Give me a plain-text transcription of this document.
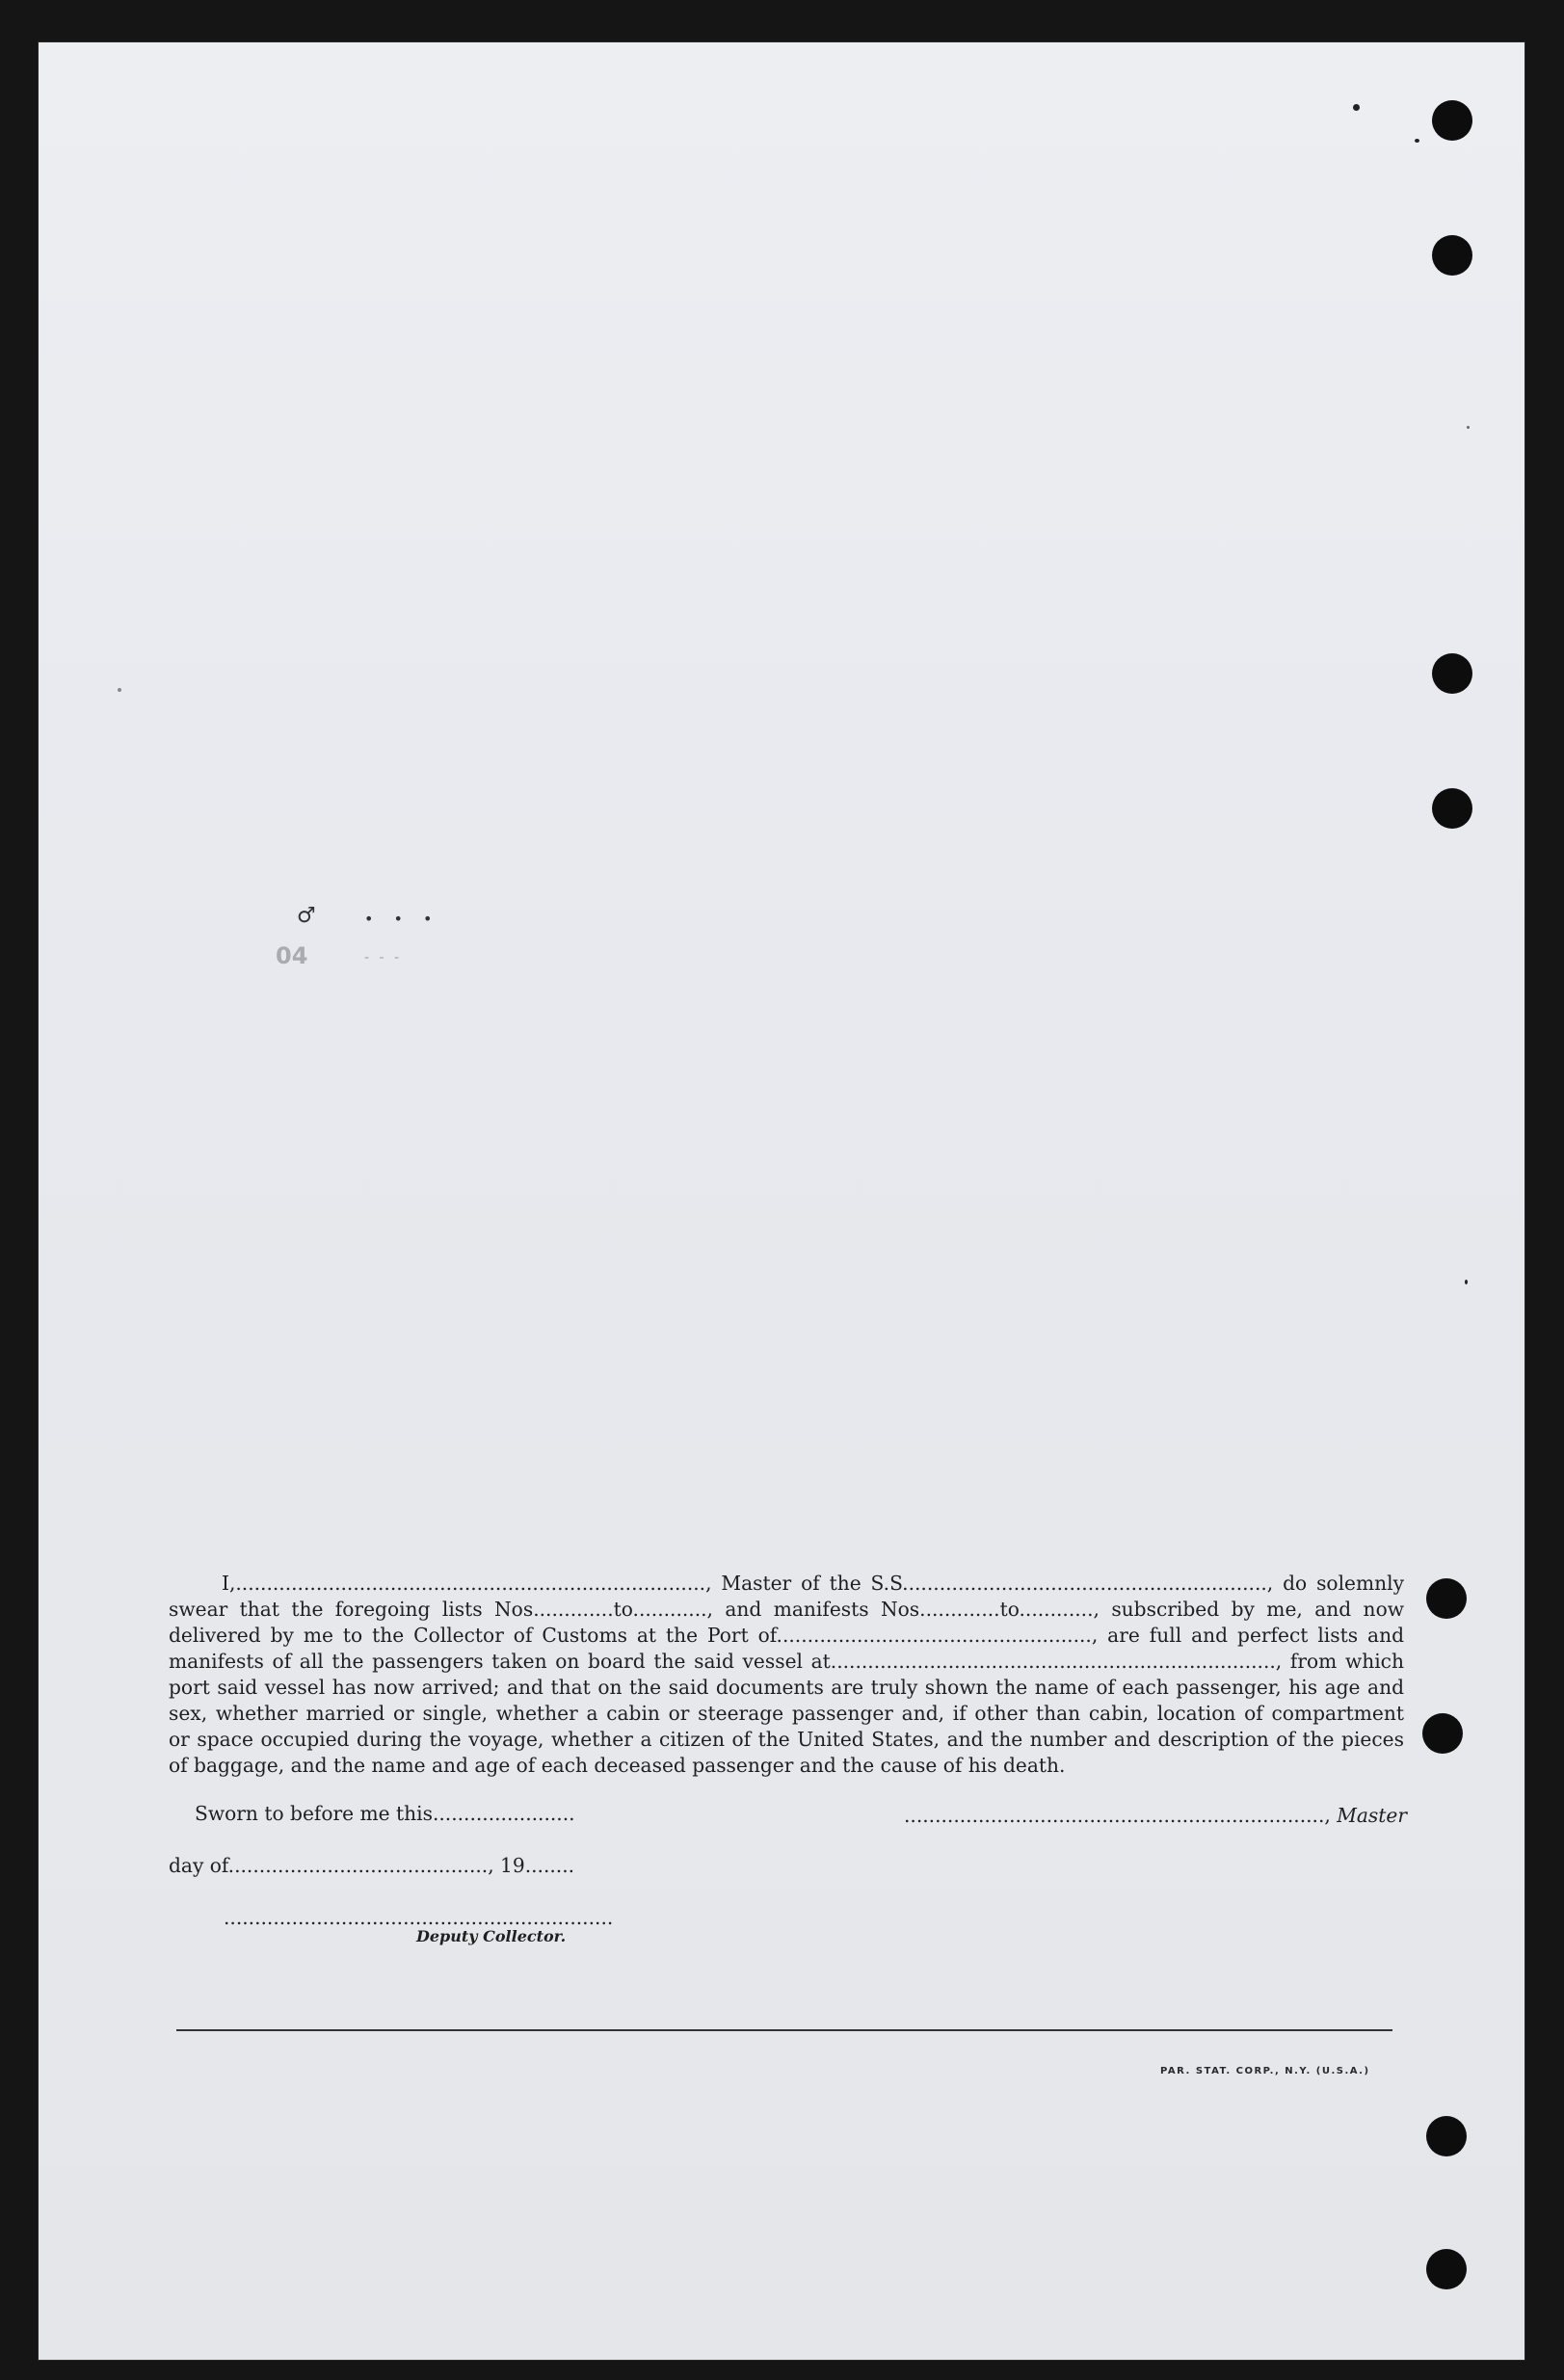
♂	• • •
04	- - -
I,............................................................................, Master of the S.S..........................................................., do solemnly
swear that the foregoing lists Nos.............to............, and manifests Nos.............to............, subscribed by me, and now
delivered by me to the Collector of Customs at the Port of..................................................., are full and perfect lists and
manifests of all the passengers taken on board the said vessel at........................................................................, from which
port said vessel has now arrived; and that on the said documents are truly shown the name of each passenger, his age and
sex, whether married or single, whether a cabin or steerage passenger and, if other than cabin, location of compartment
or space occupied during the voyage, whether a citizen of the United States, and the number and description of the pieces
of baggage, and the name and age of each deceased passenger and the cause of his death.
Sworn to before me this.......................	...................................................................., Master
day of.........................................., 19........
...............................................................
Deputy Collector.
PAR. STAT. CORP., N.Y. (U.S.A.)
